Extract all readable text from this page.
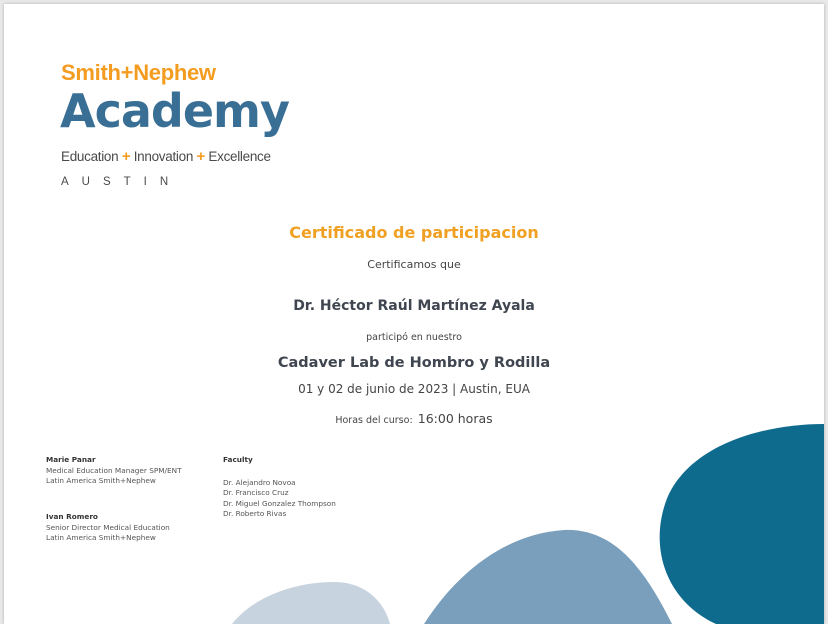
Smith+Nephew
Academy
Education + Innovation + Excellence
AUSTIN
Certificado de participacion
Certificamos que
Dr. Héctor Raúl Martínez Ayala
participó en nuestro
Cadaver Lab de Hombro y Rodilla
01 y 02 de junio de 2023 | Austin, EUA
Horas del curso: 16:00 horas
Marie Panar
Medical Education Manager SPM/ENT
Latin America Smith+Nephew
Ivan Romero
Senior Director Medical Education
Latin America Smith+Nephew
Faculty
Dr. Alejandro Novoa
Dr. Francisco Cruz
Dr. Miguel Gonzalez Thompson
Dr. Roberto Rivas
